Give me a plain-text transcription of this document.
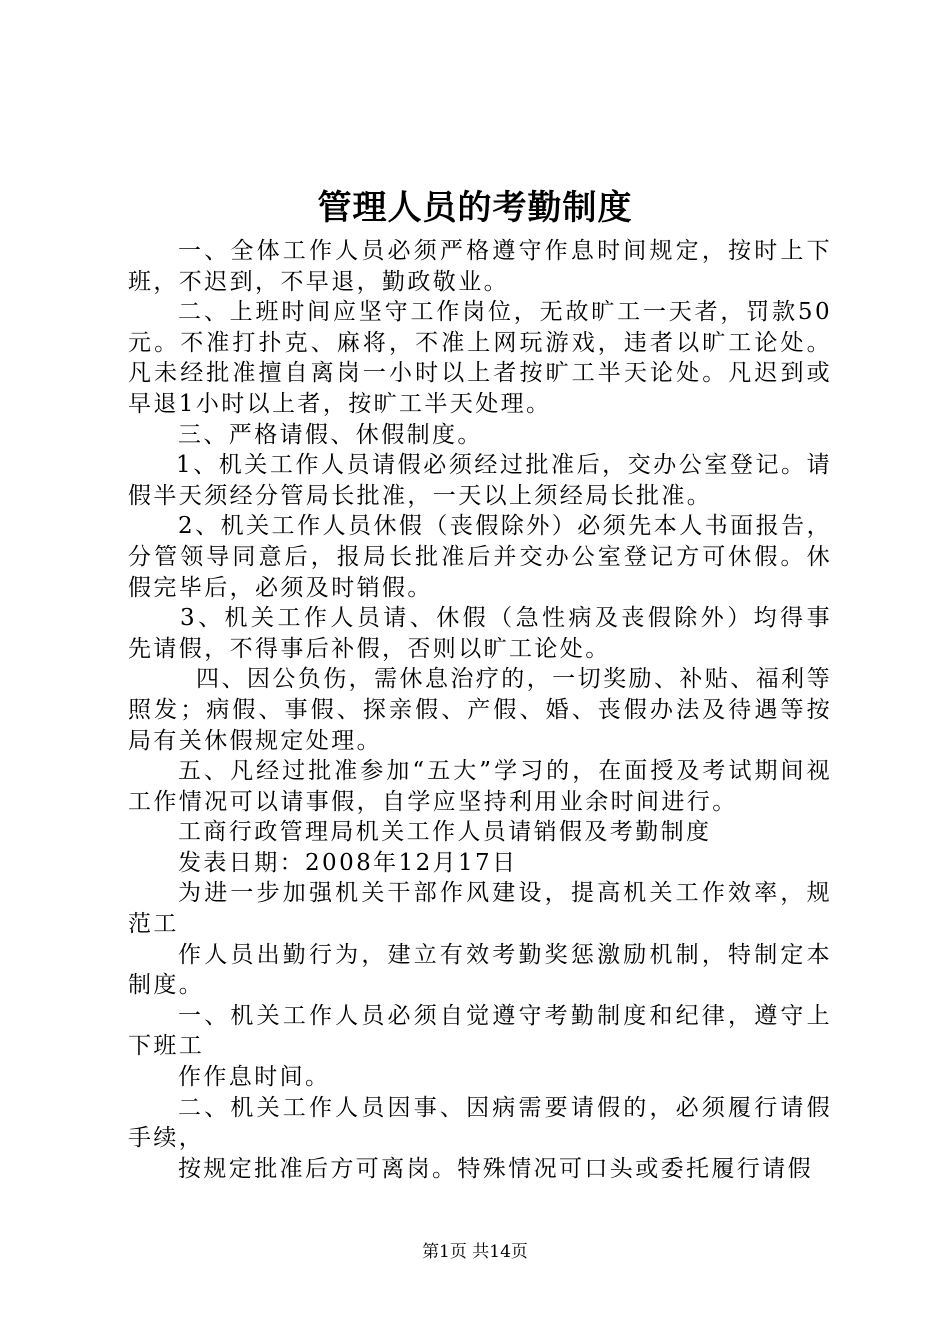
管理人员的考勤制度

一、全体工作人员必须严格遵守作息时间规定，按时上下班，不迟到，不早退，勤政敬业。

二、上班时间应坚守工作岗位，无故旷工一天者，罚款50元。不准打扑克、麻将，不准上网玩游戏，违者以旷工论处。凡未经批准擅自离岗一小时以上者按旷工半天论处。凡迟到或早退1小时以上者，按旷工半天处理。

三、严格请假、休假制度。

1、机关工作人员请假必须经过批准后，交办公室登记。请假半天须经分管局长批准，一天以上须经局长批准。

2、机关工作人员休假（丧假除外）必须先本人书面报告，分管领导同意后，报局长批准后并交办公室登记方可休假。休假完毕后，必须及时销假。

3、机关工作人员请、休假（急性病及丧假除外）均得事先请假，不得事后补假，否则以旷工论处。

四、因公负伤，需休息治疗的，一切奖励、补贴、福利等照发；病假、事假、探亲假、产假、婚、丧假办法及待遇等按局有关休假规定处理。

五、凡经过批准参加“五大”学习的，在面授及考试期间视工作情况可以请事假，自学应坚持利用业余时间进行。

工商行政管理局机关工作人员请销假及考勤制度

发表日期：2008年12月17日

为进一步加强机关干部作风建设，提高机关工作效率，规范工

作人员出勤行为，建立有效考勤奖惩激励机制，特制定本制度。

一、机关工作人员必须自觉遵守考勤制度和纪律，遵守上下班工

作作息时间。

二、机关工作人员因事、因病需要请假的，必须履行请假手续，

按规定批准后方可离岗。特殊情况可口头或委托履行请假

第1页 共14页
